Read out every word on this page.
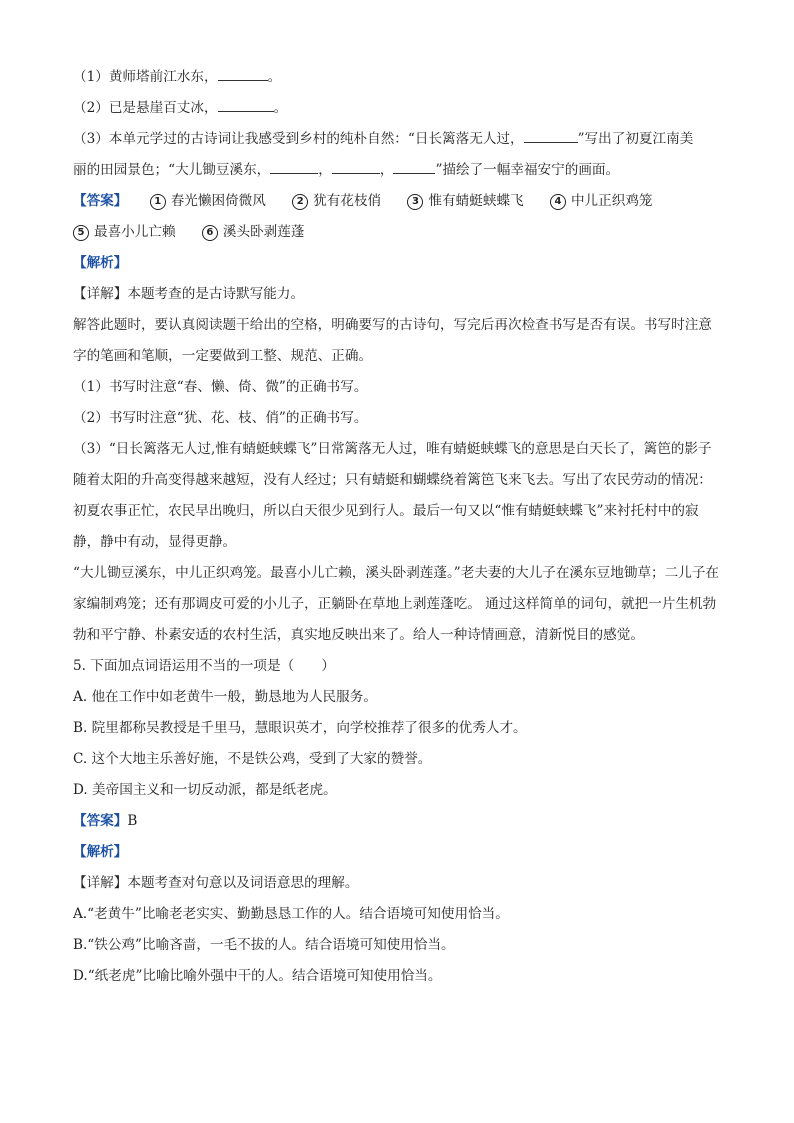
（1）黄师塔前江水东，	。
（2）已是悬崖百丈冰，	。
（3）本单元学过的古诗词让我感受到乡村的纯朴自然：“日长篱落无人过，	”写出了初夏江南美
丽的田园景色；“大儿锄豆溪东，	，	，	”描绘了一幅幸福安宁的画面。
【答案】	1 春光懒困倚微风	2 犹有花枝俏	3 惟有蜻蜓蛱蝶飞	4 中儿正织鸡笼
5 最喜小儿亡赖	6 溪头卧剥莲蓬
【解析】
【详解】本题考查的是古诗默写能力。
解答此题时，要认真阅读题干给出的空格，明确要写的古诗句，写完后再次检查书写是否有误。书写时注意字的笔画和笔顺，一定要做到工整、规范、正确。
（1）书写时注意“春、懒、倚、微”的正确书写。
（2）书写时注意“犹、花、枝、俏”的正确书写。
（3）“日长篱落无人过,惟有蜻蜓蛱蝶飞”日常篱落无人过，唯有蜻蜓蛱蝶飞的意思是白天长了，篱笆的影子随着太阳的升高变得越来越短，没有人经过；只有蜻蜓和蝴蝶绕着篱笆飞来飞去。写出了农民劳动的情况：初夏农事正忙，农民早出晚归，所以白天很少见到行人。最后一句又以“惟有蜻蜓蛱蝶飞”来衬托村中的寂静，静中有动，显得更静。
“大儿锄豆溪东，中儿正织鸡笼。最喜小儿亡赖，溪头卧剥莲蓬。”老夫妻的大儿子在溪东豆地锄草；二儿子在家编制鸡笼；还有那调皮可爱的小儿子，正躺卧在草地上剥莲蓬吃。 通过这样简单的词句，就把一片生机勃勃和平宁静、朴素安适的农村生活，真实地反映出来了。给人一种诗情画意，清新悦目的感觉。
5. 下面加点词语运用不当的一项是（　　）
A. 他在工作中如老黄牛一般，勤恳地为人民服务。
B. 院里都称吴教授是千里马，慧眼识英才，向学校推荐了很多的优秀人才。
C. 这个大地主乐善好施，不是铁公鸡，受到了大家的赞誉。
D. 美帝国主义和一切反动派，都是纸老虎。
【答案】B
【解析】
【详解】本题考查对句意以及词语意思的理解。
A.“老黄牛”比喻老老实实、勤勤恳恳工作的人。结合语境可知使用恰当。
B.“铁公鸡”比喻吝啬，一毛不拔的人。结合语境可知使用恰当。
D.“纸老虎”比喻比喻外强中干的人。结合语境可知使用恰当。
